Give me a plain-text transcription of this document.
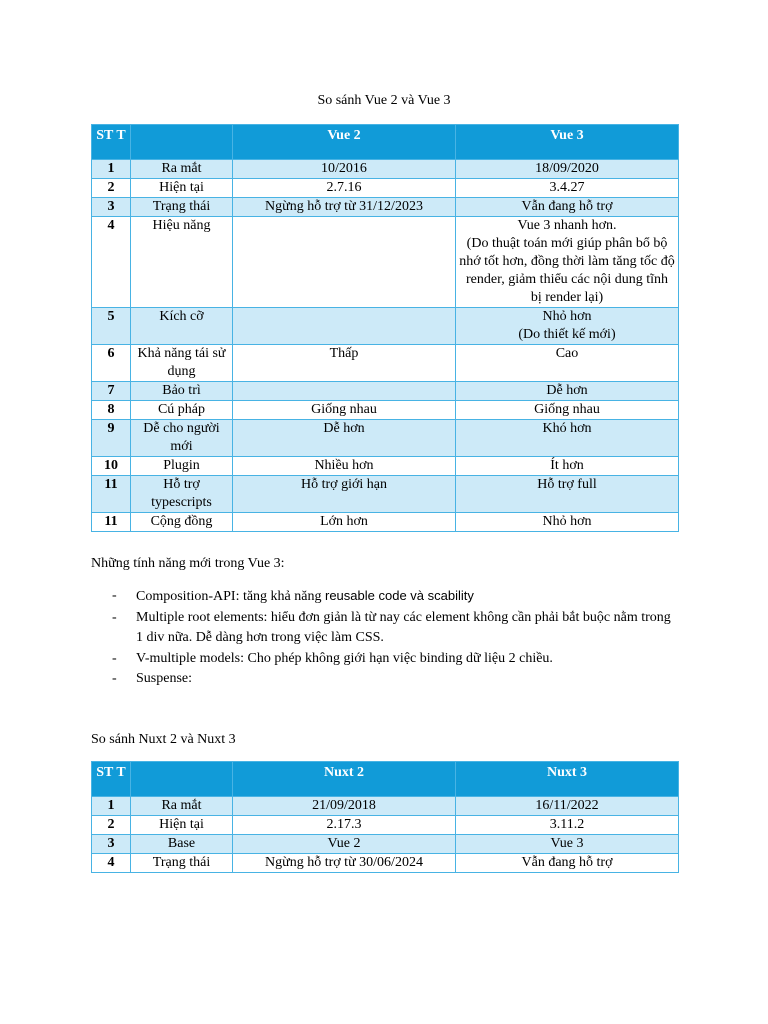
So sánh Vue 2 và Vue 3
ST T		Vue 2	Vue 3
1	Ra mắt	10/2016	18/09/2020
2	Hiện tại	2.7.16	3.4.27
3	Trạng thái	Ngừng hỗ trợ từ 31/12/2023	Vẫn đang hỗ trợ
4	Hiệu năng		Vue 3 nhanh hơn.
(Do thuật toán mới giúp phân bổ bộ nhớ tốt hơn, đồng thời làm tăng tốc độ render, giảm thiểu các nội dung tĩnh bị render lại)
5	Kích cỡ		Nhỏ hơn
(Do thiết kế mới)
6	Khả năng tái sử dụng	Thấp	Cao
7	Bảo trì		Dễ hơn
8	Cú pháp	Giống nhau	Giống nhau
9	Dễ cho người mới	Dễ hơn	Khó hơn
10	Plugin	Nhiều hơn	Ít hơn
11	Hỗ trợ typescripts	Hỗ trợ giới hạn	Hỗ trợ full
11	Cộng đồng	Lớn hơn	Nhỏ hơn
Những tính năng mới trong Vue 3:
- Composition-API: tăng khả năng reusable code và scability
- Multiple root elements: hiểu đơn giản là từ nay các element không cần phải bắt buộc nằm trong 1 div nữa. Dễ dàng hơn trong việc làm CSS.
- V-multiple models: Cho phép không giới hạn việc binding dữ liệu 2 chiều.
- Suspense:
So sánh Nuxt 2 và Nuxt 3
ST T		Nuxt 2	Nuxt 3
1	Ra mắt	21/09/2018	16/11/2022
2	Hiện tại	2.17.3	3.11.2
3	Base	Vue 2	Vue 3
4	Trạng thái	Ngừng hỗ trợ từ 30/06/2024	Vẫn đang hỗ trợ
